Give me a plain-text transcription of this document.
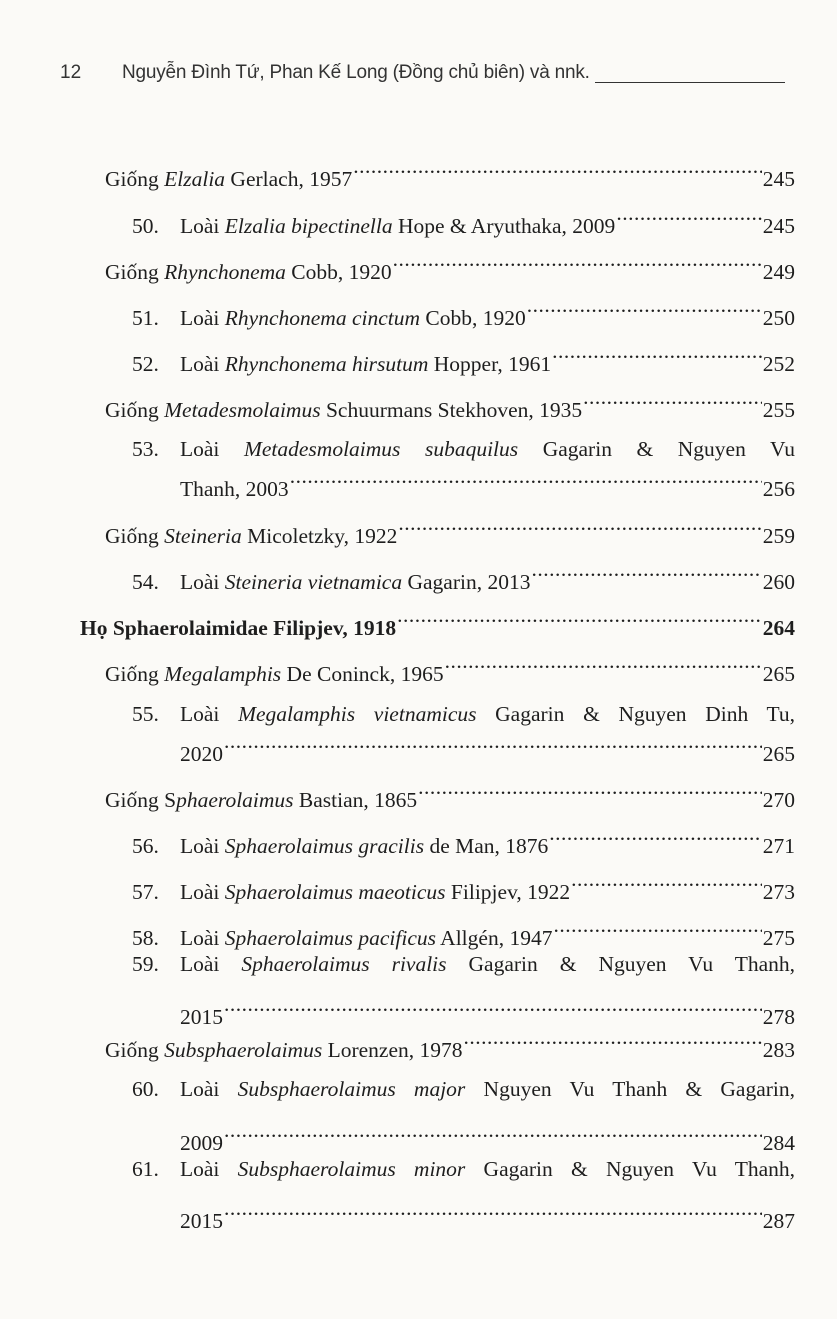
12 Nguyễn Đình Tứ, Phan Kế Long (Đồng chủ biên) và nnk.
Giống Elzalia Gerlach, 1957 .....	245
50. Loài Elzalia bipectinella Hope & Aryuthaka, 2009 .....	245
Giống Rhynchonema Cobb, 1920 .....	249
51. Loài Rhynchonema cinctum Cobb, 1920 .....	250
52. Loài Rhynchonema hirsutum Hopper, 1961 .....	252
Giống Metadesmolaimus Schuurmans Stekhoven, 1935 .....	255
53. Loài Metadesmolaimus subaquilus Gagarin & Nguyen Vu
Thanh, 2003 .....	256
Giống Steineria Micoletzky, 1922 .....	259
54. Loài Steineria vietnamica Gagarin, 2013 .....	260
Họ Sphaerolaimidae Filipjev, 1918 .....	264
Giống Megalamphis De Coninck, 1965 .....	265
55. Loài Megalamphis vietnamicus Gagarin & Nguyen Dinh Tu,
2020 .....	265
Giống Sphaerolaimus Bastian, 1865 .....	270
56. Loài Sphaerolaimus gracilis de Man, 1876 .....	271
57. Loài Sphaerolaimus maeoticus Filipjev, 1922 .....	273
58. Loài Sphaerolaimus pacificus Allgén, 1947 .....	275
59. Loài Sphaerolaimus rivalis Gagarin & Nguyen Vu Thanh,
2015 .....	278
Giống Subsphaerolaimus Lorenzen, 1978 .....	283
60. Loài Subsphaerolaimus major Nguyen Vu Thanh & Gagarin,
2009 .....	284
61. Loài Subsphaerolaimus minor Gagarin & Nguyen Vu Thanh,
2015 .....	287
